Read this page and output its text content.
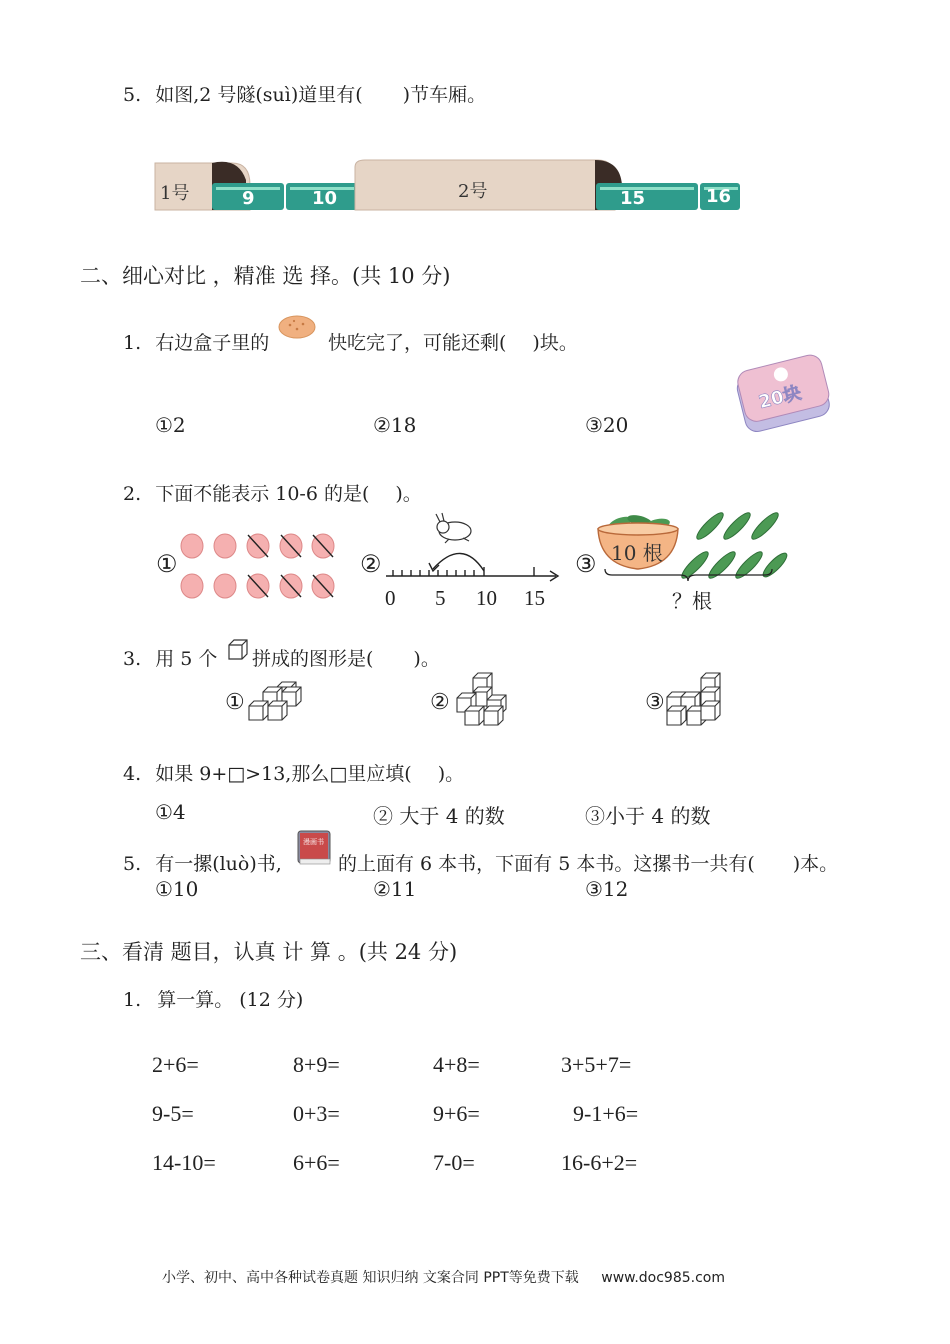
5. 如图,2 号隧(suì)道里有( )节车厢。
1号	2号
9	10	15	16
二、细心对比 ，精准 选 择。(共 10 分)
1. 右边盒子里的	快吃完了，可能还剩( )块。
20块
①2	②18	③20
2. 下面不能表示 10-6 的是( )。
①	②
0 5 10 15
③ 10 根
？根
3. 用 5 个 拼成的图形是( )。
①	②	③
4. 如果 9+□>13,那么□里应填( )。
①4	② 大于 4 的数	③小于 4 的数
5. 有一摞(luò)书,
漫画书
的上面有 6 本书，下面有 5 本书。这摞书一共有( )本。
①10	②11	③12
三、看清 题目，认真 计 算 。(共 24 分)
1. 算一算。 (12 分)
2+6=	8+9=	4+8=	3+5+7=
9-5=	0+3=	9+6=	9-1+6=
14-10=	6+6=	7-0=	16-6+2=
小学、初中、高中各种试卷真题 知识归纳 文案合同 PPT等免费下载 www.doc985.com
